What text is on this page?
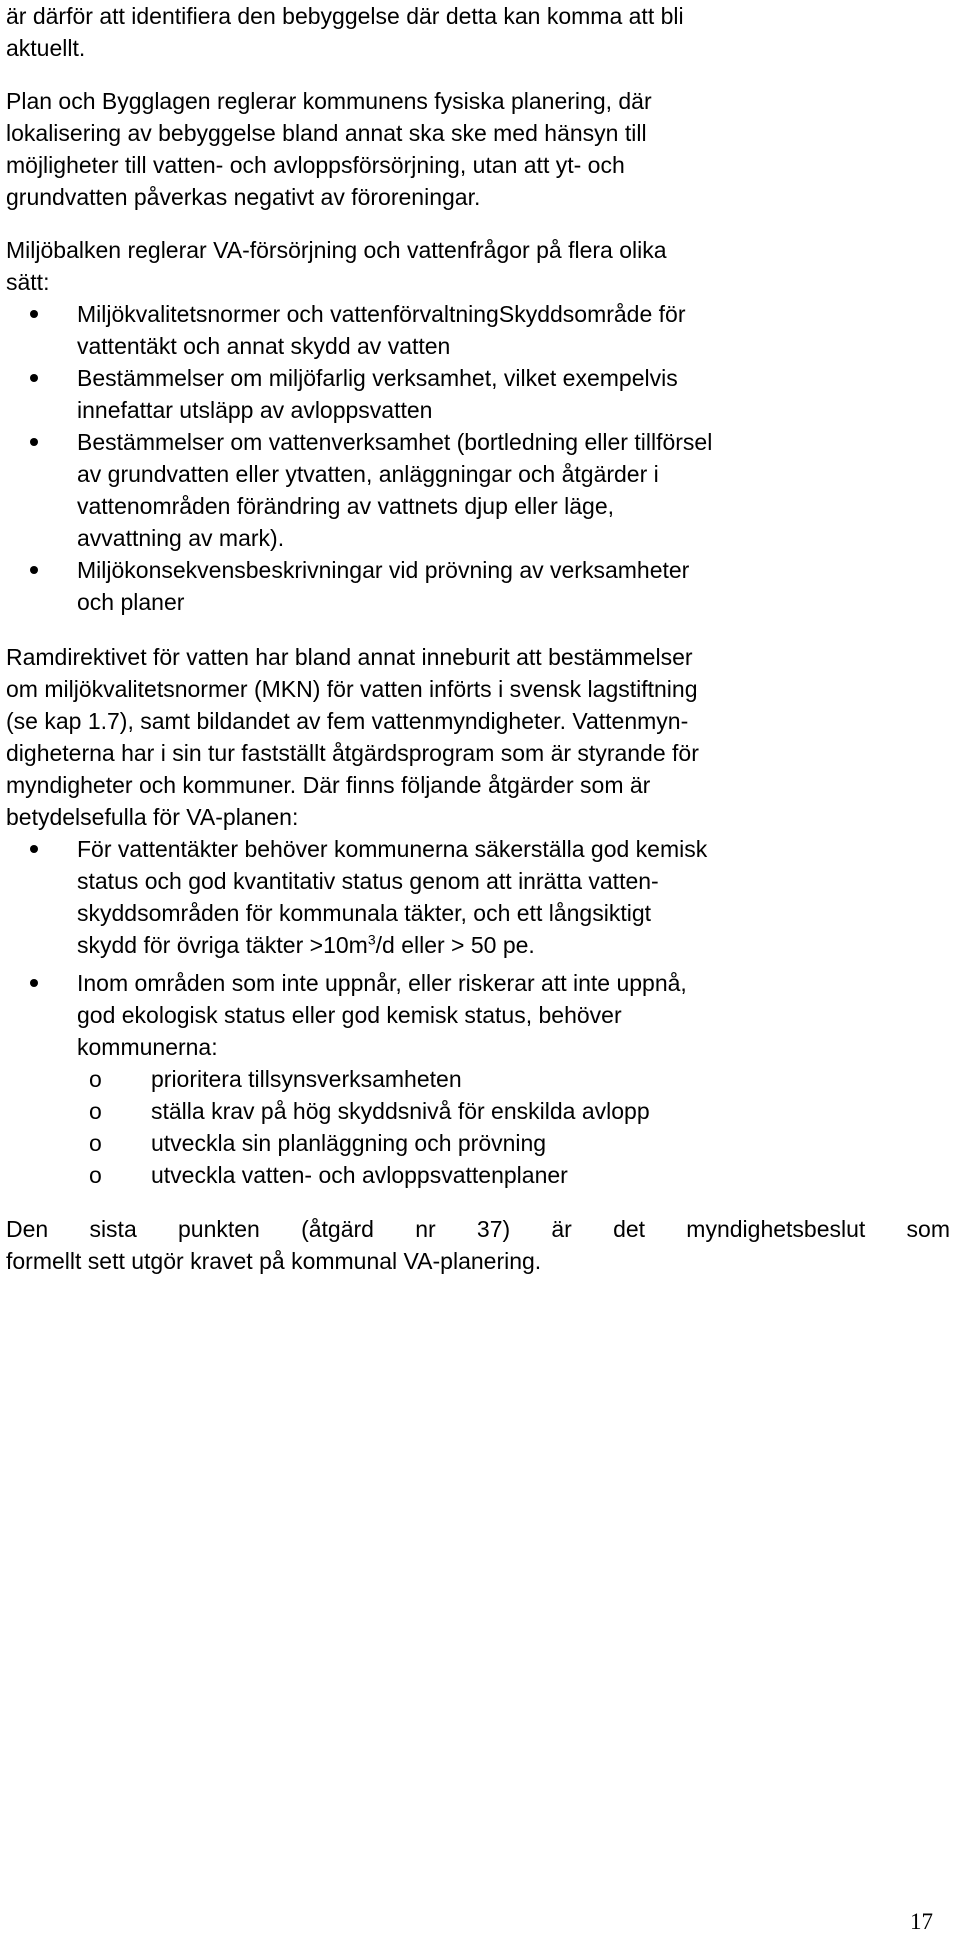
är därför att identifiera den bebyggelse där detta kan komma att bli
aktuellt.

Plan och Bygglagen reglerar kommunens fysiska planering, där
lokalisering av bebyggelse bland annat ska ske med hänsyn till
möjligheter till vatten- och avloppsförsörjning, utan att yt- och
grundvatten påverkas negativt av föroreningar.

Miljöbalken reglerar VA-försörjning och vattenfrågor på flera olika
sätt:

Miljökvalitetsnormer och vattenförvaltningSkyddsområde för
vattentäkt och annat skydd av vatten
Bestämmelser om miljöfarlig verksamhet, vilket exempelvis
innefattar utsläpp av avloppsvatten
Bestämmelser om vattenverksamhet (bortledning eller tillförsel
av grundvatten eller ytvatten, anläggningar och åtgärder i
vattenområden förändring av vattnets djup eller läge,
avvattning av mark).
Miljökonsekvensbeskrivningar vid prövning av verksamheter
och planer

Ramdirektivet för vatten har bland annat inneburit att bestämmelser
om miljökvalitetsnormer (MKN) för vatten införts i svensk lagstiftning
(se kap 1.7), samt bildandet av fem vattenmyndigheter. Vattenmyn-
digheterna har i sin tur fastställt åtgärdsprogram som är styrande för
myndigheter och kommuner. Där finns följande åtgärder som är
betydelsefulla för VA-planen:

För vattentäkter behöver kommunerna säkerställa god kemisk
status och god kvantitativ status genom att inrätta vatten-
skyddsområden för kommunala täkter, och ett långsiktigt
skydd för övriga täkter $>10m^3/d$ eller > 50 pe.
Inom områden som inte uppnår, eller riskerar att inte uppnå,
god ekologisk status eller god kemisk status, behöver
kommunerna:
o prioritera tillsynsverksamheten
o ställa krav på hög skyddsnivå för enskilda avlopp
o utveckla sin planläggning och prövning
o utveckla vatten- och avloppsvattenplaner

Den sista punkten (åtgärd nr 37) är det myndighetsbeslut som
formellt sett utgör kravet på kommunal VA-planering.

17
